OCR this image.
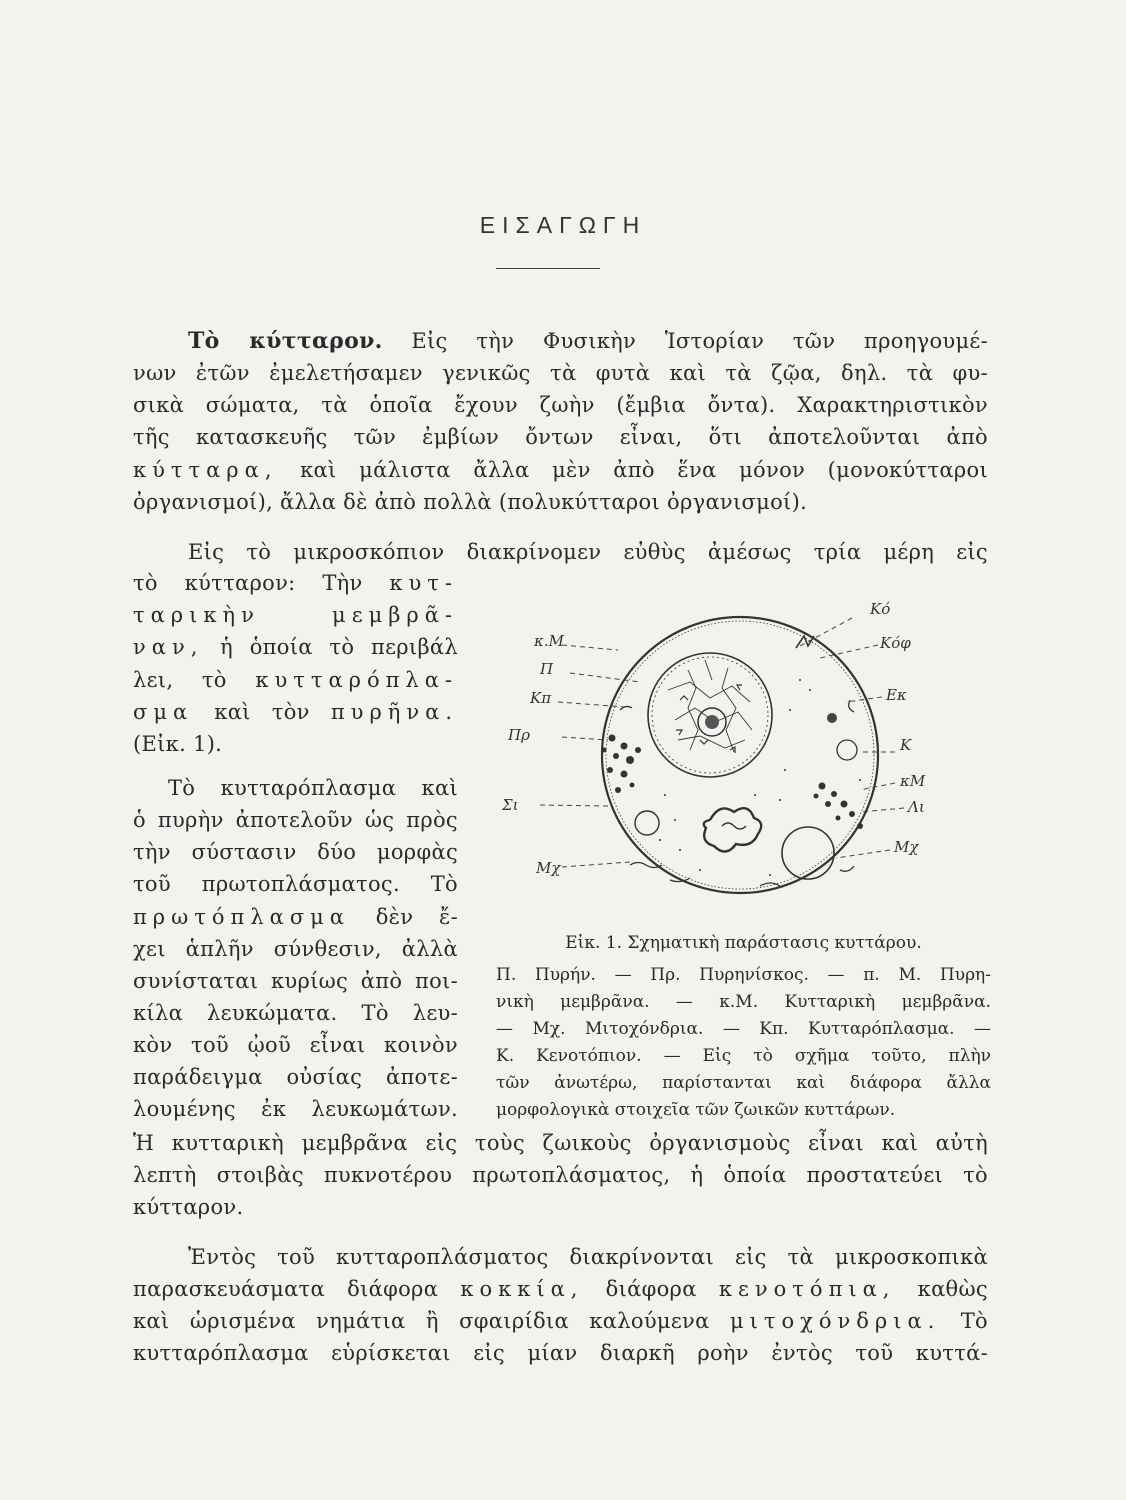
ΕΙΣΑΓΩΓΗ
Τὸ κύτταρον. Εἰς τὴν Φυσικὴν Ἱστορίαν τῶν προηγουμέ-
νων ἐτῶν ἐμελετήσαμεν γενικῶς τὰ φυτὰ καὶ τὰ ζῷα, δηλ. τὰ φυ-
σικὰ σώματα, τὰ ὁποῖα ἔχουν ζωὴν (ἔμβια ὄντα). Χαρακτηριστικὸν
τῆς κατασκευῆς τῶν ἐμβίων ὄντων εἶναι, ὅτι ἀποτελοῦνται ἀπὸ
κύτταρα, καὶ μάλιστα ἄλλα μὲν ἀπὸ ἕνα μόνον (μονοκύτταροι
ὀργανισμοί), ἄλλα δὲ ἀπὸ πολλὰ (πολυκύτταροι ὀργανισμοί).
Εἰς τὸ μικροσκόπιον διακρίνομεν εὐθὺς ἀμέσως τρία μέρη εἰς
τὸ κύτταρον: Τὴν κυτ-
ταρικὴν μεμβρᾶ-
ναν, ἡ ὁποία τὸ περιβάλ
λει, τὸ κυτταρόπλα-
σμα καὶ τὸν πυρῆνα.
(Εἰκ. 1).
Τὸ κυτταρόπλασμα καὶ
ὁ πυρὴν ἀποτελοῦν ὡς πρὸς
τὴν σύστασιν δύο μορφὰς
τοῦ πρωτοπλάσματος. Τὸ
πρωτόπλασμα δὲν ἔ-
χει ἁπλῆν σύνθεσιν, ἀλλὰ
συνίσταται κυρίως ἀπὸ ποι-
κίλα λευκώματα. Τὸ λευ-
κὸν τοῦ ᾠοῦ εἶναι κοινὸν
παράδειγμα οὐσίας ἀποτε-
λουμένης ἐκ λευκωμάτων.
Ἡ κυτταρικὴ μεμβρᾶνα εἰς τοὺς ζωικοὺς ὀργανισμοὺς εἶναι καὶ αὐτὴ
λεπτὴ στοιβὰς πυκνοτέρου πρωτοπλάσματος, ἡ ὁποία προστατεύει τὸ
κύτταρον.
Ἐντὸς τοῦ κυτταροπλάσματος διακρίνονται εἰς τὰ μικροσκοπικὰ
παρασκευάσματα διάφορα κοκκία, διάφορα κενοτόπια, καθὼς
καὶ ὡρισμένα νημάτια ἢ σφαιρίδια καλούμενα μιτοχόνδρια. Τὸ
κυτταρόπλασμα εὑρίσκεται εἰς μίαν διαρκῆ ροὴν ἐντὸς τοῦ κυττά-
Κό
Κόφ
κ.Μ
Π
Κπ
Πρ
Σι
Μχ
Εκ
Κ
κΜ
Λι
Μχ
Εἰκ. 1. Σχηματικὴ παράστασις κυττάρου.
Π. Πυρήν. — Πρ. Πυρηνίσκος. — π. Μ. Πυρη-
νικὴ μεμβρᾶνα. — κ.Μ. Κυτταρικὴ μεμβρᾶνα.
— Μχ. Μιτοχόνδρια. — Κπ. Κυτταρόπλασμα. —
Κ. Κενοτόπιον. — Εἰς τὸ σχῆμα τοῦτο, πλὴν
τῶν ἀνωτέρω, παρίστανται καὶ διάφορα ἄλλα
μορφολογικὰ στοιχεῖα τῶν ζωικῶν κυττάρων.
